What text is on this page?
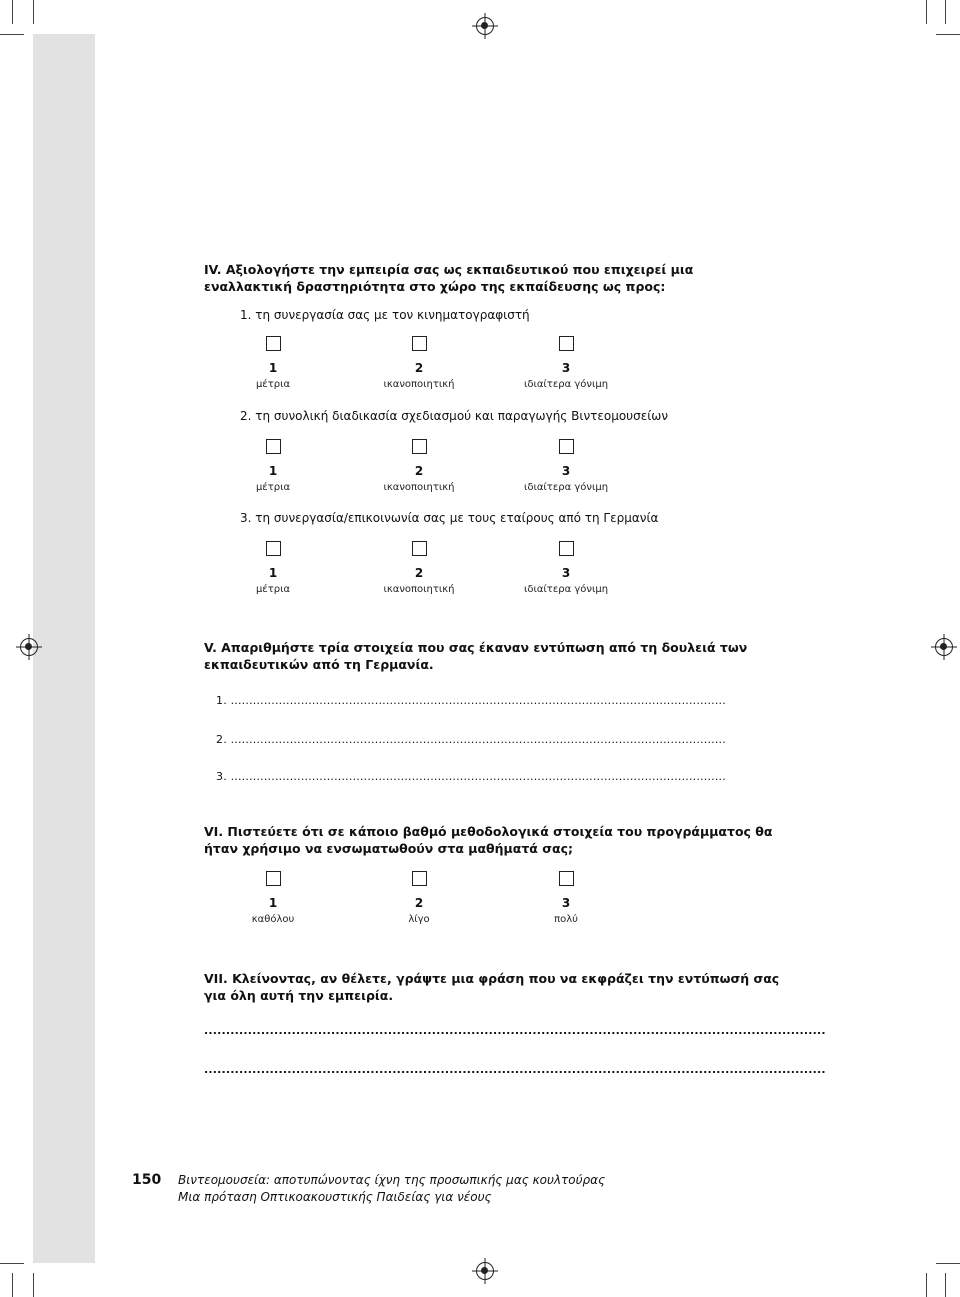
IV. Αξιολογήστε την εμπειρία σας ως εκπαιδευτικού που επιχειρεί μια εναλλακτική δραστηριότητα στο χώρο της εκπαίδευσης ως προς:
1. τη συνεργασία σας με τον κινηματογραφιστή
1
μέτρια
2
ικανοποιητική
3
ιδιαίτερα γόνιμη
2. τη συνολική διαδικασία σχεδιασμού και παραγωγής Βιντεομουσείων
1
μέτρια
2
ικανοποιητική
3
ιδιαίτερα γόνιμη
3. τη συνεργασία/επικοινωνία σας με τους εταίρους από τη Γερμανία
1
μέτρια
2
ικανοποιητική
3
ιδιαίτερα γόνιμη
V. Απαριθμήστε τρία στοιχεία που σας έκαναν εντύπωση από τη δουλειά των εκπαιδευτικών από τη Γερμανία.
1. ......................................................................................................................................
2. ......................................................................................................................................
3. ......................................................................................................................................
VI. Πιστεύετε ότι σε κάποιο βαθμό μεθοδολογικά στοιχεία του προγράμματος θα ήταν χρήσιμο να ενσωματωθούν στα μαθήματά σας;
1
καθόλου
2
λίγο
3
πολύ
VII. Κλείνοντας, αν θέλετε, γράψτε μια φράση που να εκφράζει την εντύπωσή σας για όλη αυτή την εμπειρία.
..............................................................................................................................................
..............................................................................................................................................
150 Βιντεομουσεία: αποτυπώνοντας ίχνη της προσωπικής μας κουλτούρας
Μια πρόταση Οπτικοακουστικής Παιδείας για νέους
